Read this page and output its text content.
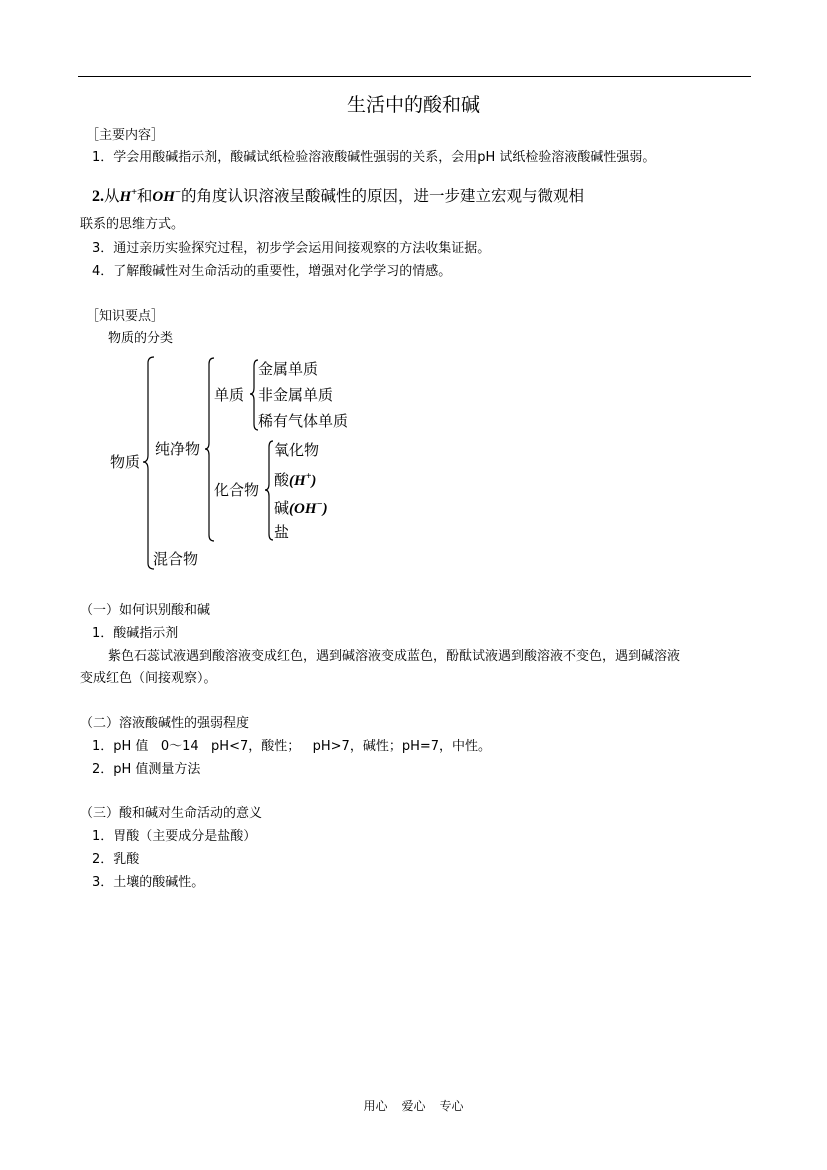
生活中的酸和碱
［主要内容］
1．学会用酸碱指示剂，酸碱试纸检验溶液酸碱性强弱的关系，会用pH 试纸检验溶液酸碱性强弱。
2.从H+和OH−的角度认识溶液呈酸碱性的原因，进一步建立宏观与微观相
联系的思维方式。
3．通过亲历实验探究过程，初步学会运用间接观察的方法收集证据。
4．了解酸碱性对生命活动的重要性，增强对化学学习的情感。
［知识要点］
物质的分类
物质
纯净物
混合物
单质
金属单质
非金属单质
稀有气体单质
化合物
氧化物
酸(H+)
碱(OH−)
盐
（一）如何识别酸和碱
1．酸碱指示剂
紫色石蕊试液遇到酸溶液变成红色，遇到碱溶液变成蓝色，酚酞试液遇到酸溶液不变色，遇到碱溶液
变成红色（间接观察）。
（二）溶液酸碱性的强弱程度
1．pH 值   0～14   pH<7，酸性；   pH>7，碱性；pH=7，中性。
2．pH 值测量方法
（三）酸和碱对生命活动的意义
1．胃酸（主要成分是盐酸）
2．乳酸
3．土壤的酸碱性。
用心 爱心 专心
